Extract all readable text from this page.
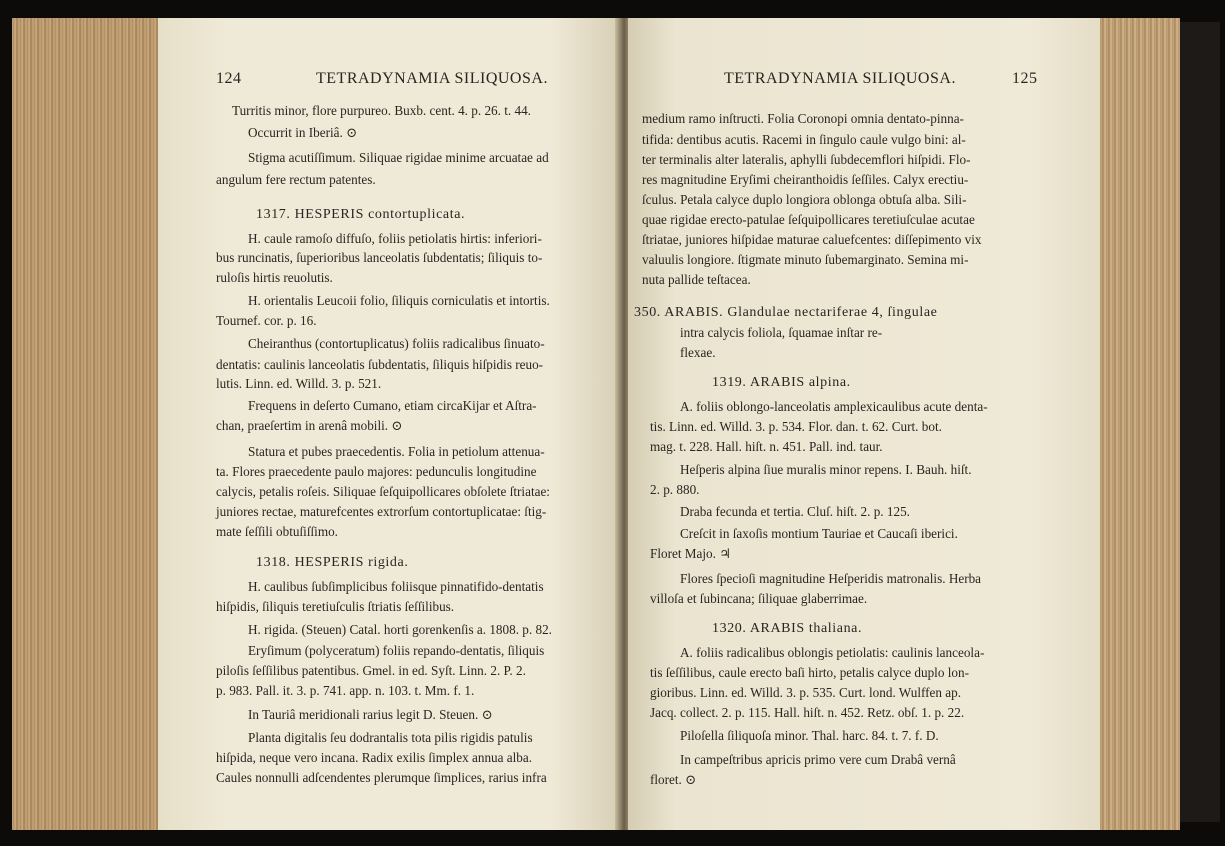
124	TETRADYNAMIA SILIQUOSA.
Turritis minor, flore purpureo. Buxb. cent. 4. p. 26. t. 44.
Occurrit in Iberiâ. ⊙
Stigma acutiſſimum. Siliquae rigidae minime arcuatae ad
angulum fere rectum patentes.
1317. HESPERIS contortuplicata.
H. caule ramoſo diffuſo, foliis petiolatis hirtis: inferiori-
bus runcinatis, ſuperioribus lanceolatis ſubdentatis; ſiliquis to-
ruloſis hirtis reuolutis.
H. orientalis Leucoii folio, ſiliquis corniculatis et intortis.
Tournef. cor. p. 16.
Cheiranthus (contortuplicatus) foliis radicalibus ſinuato-
dentatis: caulinis lanceolatis ſubdentatis, ſiliquis hiſpidis reuo-
lutis. Linn. ed. Willd. 3. p. 521.
Frequens in deſerto Cumano, etiam circaKijar et Aſtra-
chan, praeſertim in arenâ mobili. ⊙
Statura et pubes praecedentis. Folia in petiolum attenua-
ta. Flores praecedente paulo majores: pedunculis longitudine
calycis, petalis roſeis. Siliquae ſeſquipollicares obſolete ſtriatae:
juniores rectae, maturefcentes extrorſum contortuplicatae: ſtig-
mate ſeſſili obtuſiſſimo.
1318. HESPERIS rigida.
H. caulibus ſubſimplicibus foliisque pinnatifido-dentatis
hiſpidis, ſiliquis teretiuſculis ſtriatis ſeſſilibus.
H. rigida. (Steuen) Catal. horti gorenkenſis a. 1808. p. 82.
Eryſimum (polyceratum) foliis repando-dentatis, ſiliquis
piloſis ſeſſilibus patentibus. Gmel. in ed. Syſt. Linn. 2. P. 2.
p. 983. Pall. it. 3. p. 741. app. n. 103. t. Mm. f. 1.
In Tauriâ meridionali rarius legit D. Steuen. ⊙
Planta digitalis ſeu dodrantalis tota pilis rigidis patulis
hiſpida, neque vero incana. Radix exilis ſimplex annua alba.
Caules nonnulli adſcendentes plerumque ſimplices, rarius infra
TETRADYNAMIA SILIQUOSA.	125
medium ramo inſtructi. Folia Coronopi omnia dentato-pinna-
tifida: dentibus acutis. Racemi in ſingulo caule vulgo bini: al-
ter terminalis alter lateralis, aphylli ſubdecemflori hiſpidi. Flo-
res magnitudine Eryſimi cheiranthoidis ſeſſiles. Calyx erectiu-
ſculus. Petala calyce duplo longiora oblonga obtuſa alba. Sili-
quae rigidae erecto-patulae ſeſquipollicares teretiuſculae acutae
ſtriatae, juniores hiſpidae maturae caluefcentes: diſſepimento vix
valuulis longiore. ſtigmate minuto ſubemarginato. Semina mi-
nuta pallide teſtacea.
350. ARABIS. Glandulae nectariferae 4, ſingulae
intra calycis foliola, ſquamae inſtar re-
flexae.
1319. ARABIS alpina.
A. foliis oblongo-lanceolatis amplexicaulibus acute denta-
tis. Linn. ed. Willd. 3. p. 534. Flor. dan. t. 62. Curt. bot.
mag. t. 228. Hall. hiſt. n. 451. Pall. ind. taur.
Heſperis alpina ſiue muralis minor repens. I. Bauh. hiſt.
2. p. 880.
Draba fecunda et tertia. Cluſ. hiſt. 2. p. 125.
Creſcit in ſaxoſis montium Tauriae et Caucaſi iberici.
Floret Majo. ♃
Flores ſpecioſi magnitudine Heſperidis matronalis. Herba
villoſa et ſubincana; ſiliquae glaberrimae.
1320. ARABIS thaliana.
A. foliis radicalibus oblongis petiolatis: caulinis lanceola-
tis ſeſſilibus, caule erecto baſi hirto, petalis calyce duplo lon-
gioribus. Linn. ed. Willd. 3. p. 535. Curt. lond. Wulffen ap.
Jacq. collect. 2. p. 115. Hall. hiſt. n. 452. Retz. obſ. 1. p. 22.
Piloſella ſiliquoſa minor. Thal. harc. 84. t. 7. f. D.
In campeſtribus apricis primo vere cum Drabâ vernâ
floret. ⊙
